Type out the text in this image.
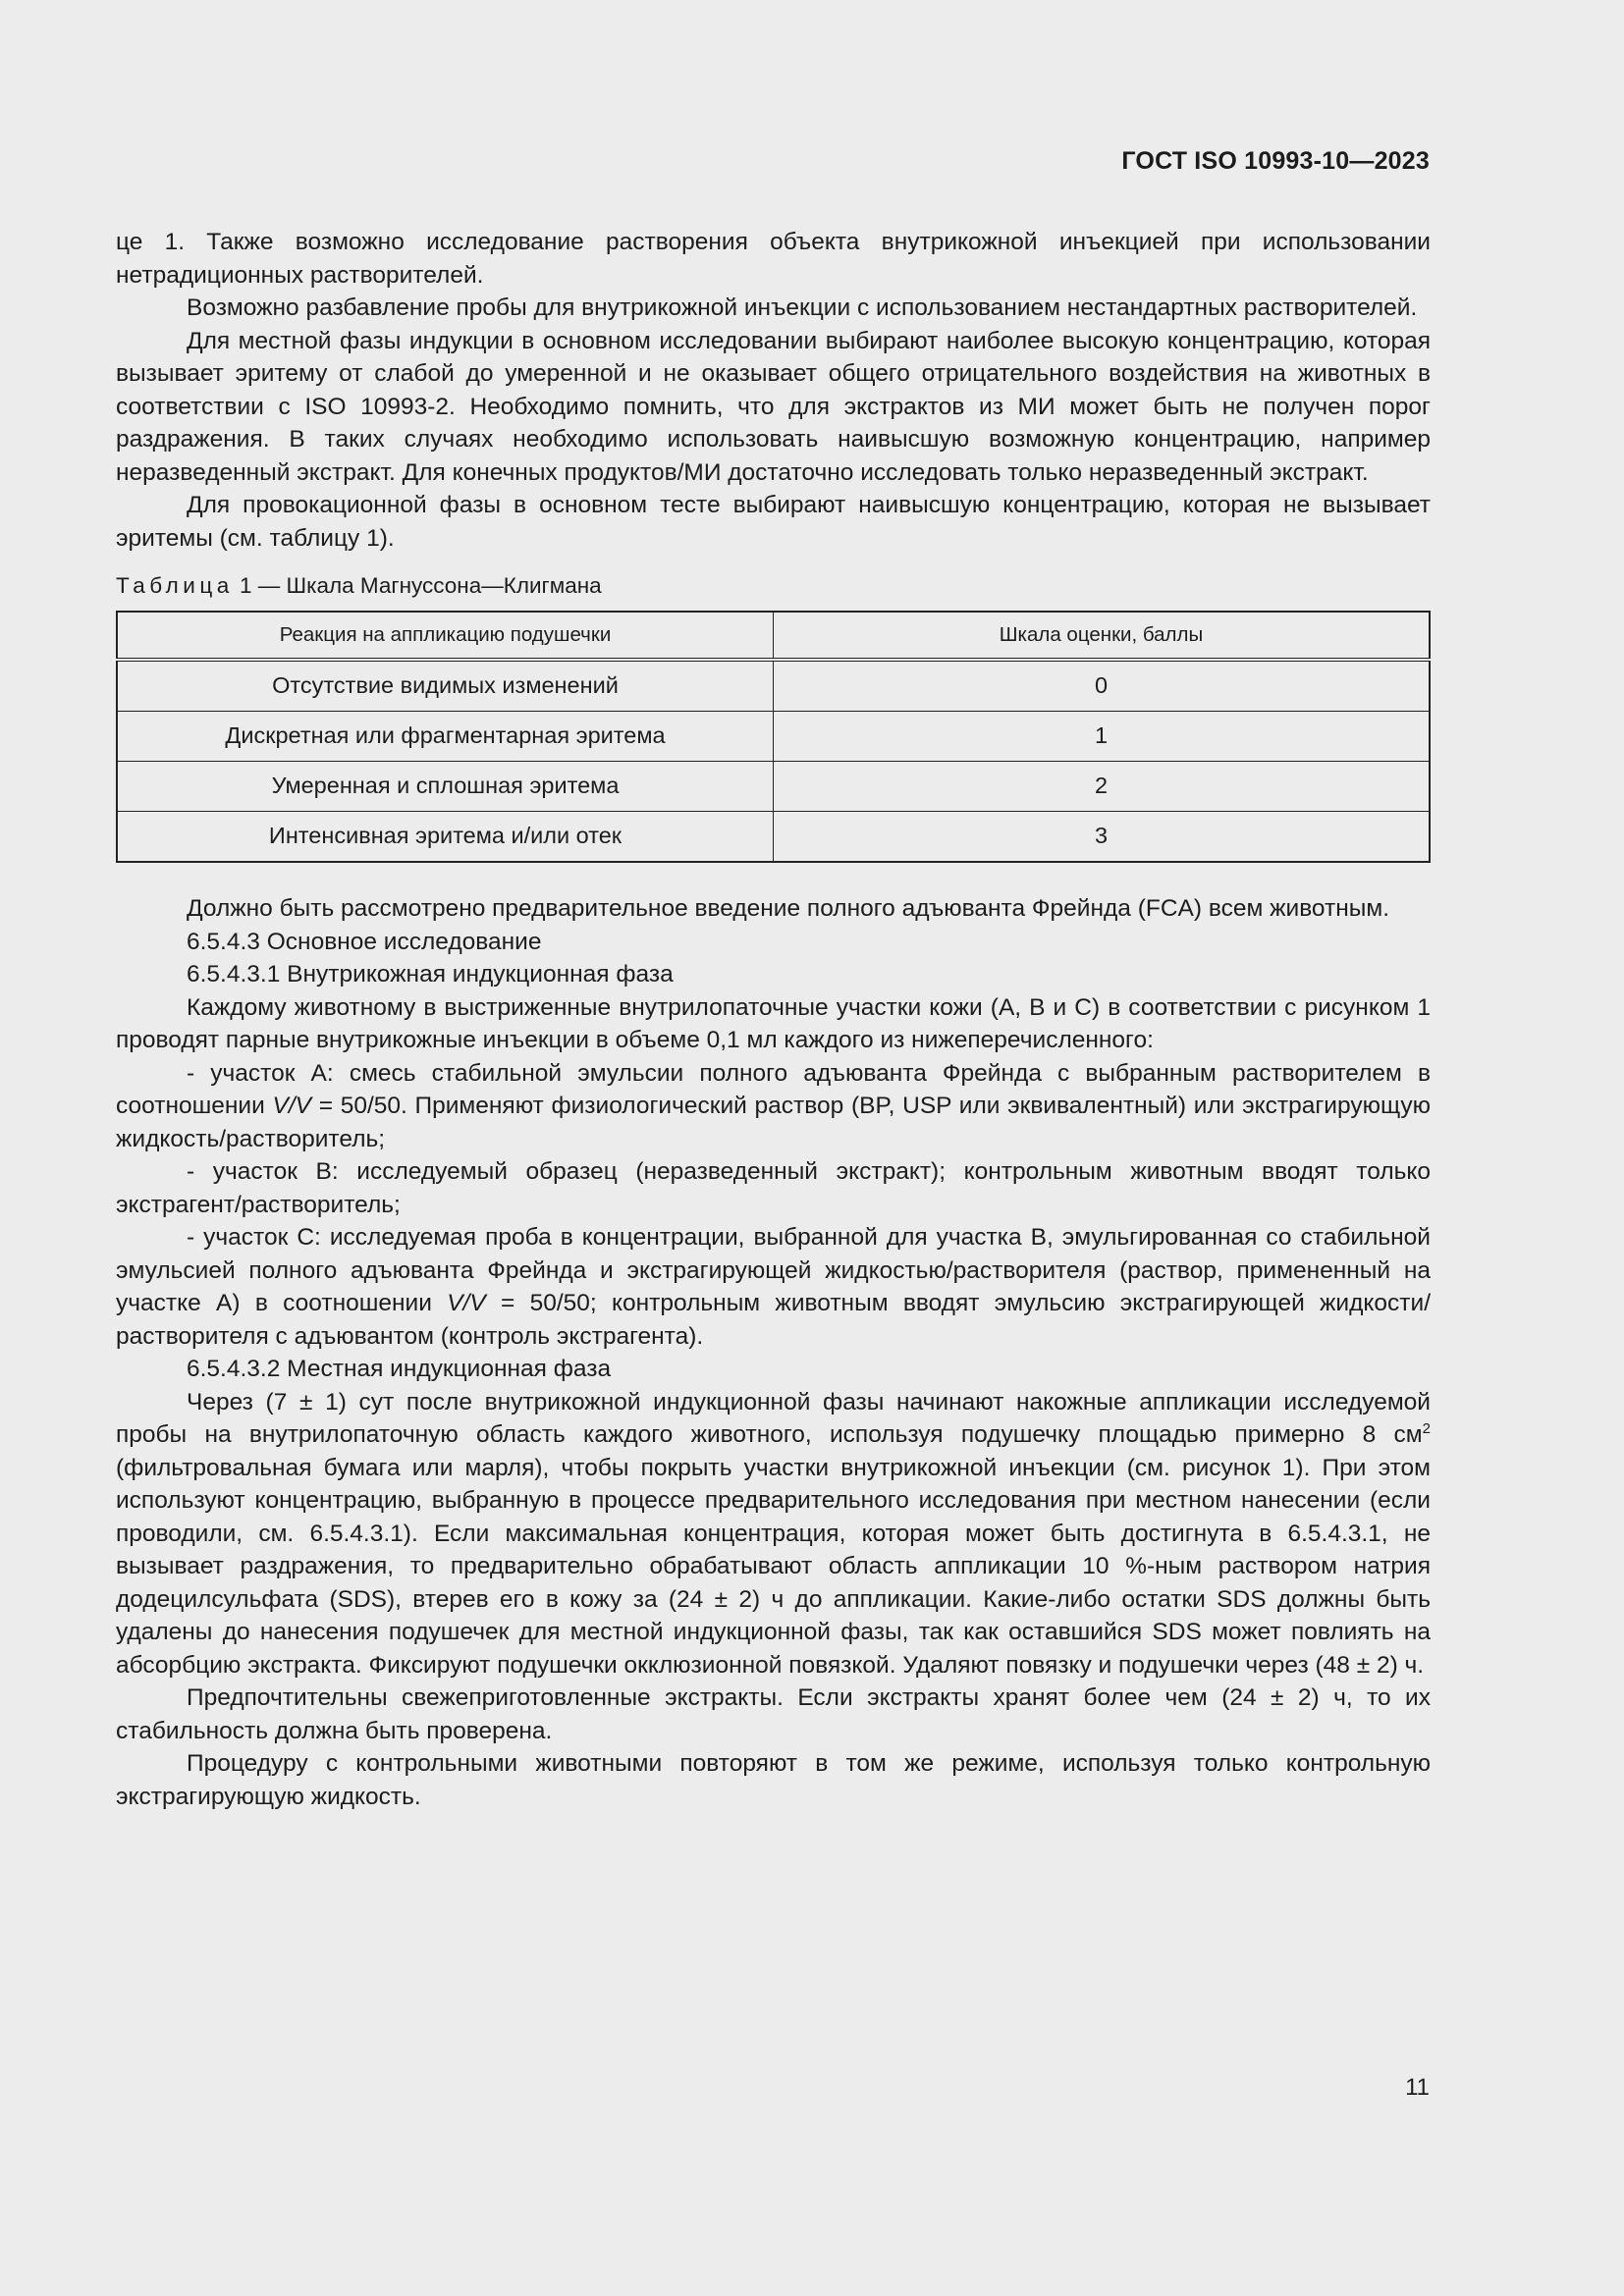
ГОСТ ISO 10993-10—2023

це 1. Также возможно исследование растворения объекта внутрикожной инъекцией при использовании нетрадиционных растворителей.

Возможно разбавление пробы для внутрикожной инъекции с использованием нестандартных растворителей.

Для местной фазы индукции в основном исследовании выбирают наиболее высокую концентрацию, которая вызывает эритему от слабой до умеренной и не оказывает общего отрицательного воздействия на животных в соответствии с ISO 10993-2. Необходимо помнить, что для экстрактов из МИ может быть не получен порог раздражения. В таких случаях необходимо использовать наивысшую возможную концентрацию, например неразведенный экстракт. Для конечных продуктов/МИ достаточно исследовать только неразведенный экстракт.

Для провокационной фазы в основном тесте выбирают наивысшую концентрацию, которая не вызывает эритемы (см. таблицу 1).

Таблица 1 — Шкала Магнуссона—Клигмана
Реакция на аппликацию подушечки	Шкала оценки, баллы
Отсутствие видимых изменений	0
Дискретная или фрагментарная эритема	1
Умеренная и сплошная эритема	2
Интенсивная эритема и/или отек	3

Должно быть рассмотрено предварительное введение полного адъюванта Фрейнда (FCA) всем животным.

6.5.4.3 Основное исследование

6.5.4.3.1 Внутрикожная индукционная фаза

Каждому животному в выстриженные внутрилопаточные участки кожи (A, B и C) в соответствии с рисунком 1 проводят парные внутрикожные инъекции в объеме 0,1 мл каждого из нижеперечисленного:

- участок A: смесь стабильной эмульсии полного адъюванта Фрейнда с выбранным растворителем в соотношении V/V = 50/50. Применяют физиологический раствор (BP, USP или эквивалентный) или экстрагирующую жидкость/растворитель;

- участок B: исследуемый образец (неразведенный экстракт); контрольным животным вводят только экстрагент/растворитель;

- участок C: исследуемая проба в концентрации, выбранной для участка B, эмульгированная со стабильной эмульсией полного адъюванта Фрейнда и экстрагирующей жидкостью/растворителя (раствор, примененный на участке A) в соотношении V/V = 50/50; контрольным животным вводят эмульсию экстрагирующей жидкости/растворителя с адъювантом (контроль экстрагента).

6.5.4.3.2 Местная индукционная фаза

Через (7 ± 1) сут после внутрикожной индукционной фазы начинают накожные аппликации исследуемой пробы на внутрилопаточную область каждого животного, используя подушечку площадью примерно 8 $см^2$ (фильтровальная бумага или марля), чтобы покрыть участки внутрикожной инъекции (см. рисунок 1). При этом используют концентрацию, выбранную в процессе предварительного исследования при местном нанесении (если проводили, см. 6.5.4.3.1). Если максимальная концентрация, которая может быть достигнута в 6.5.4.3.1, не вызывает раздражения, то предварительно обрабатывают область аппликации 10 %-ным раствором натрия додецилсульфата (SDS), втерев его в кожу за (24 ± 2) ч до аппликации. Какие-либо остатки SDS должны быть удалены до нанесения подушечек для местной индукционной фазы, так как оставшийся SDS может повлиять на абсорбцию экстракта. Фиксируют подушечки окклюзионной повязкой. Удаляют повязку и подушечки через (48 ± 2) ч.

Предпочтительны свежеприготовленные экстракты. Если экстракты хранят более чем (24 ± 2) ч, то их стабильность должна быть проверена.

Процедуру с контрольными животными повторяют в том же режиме, используя только контрольную экстрагирующую жидкость.

11
